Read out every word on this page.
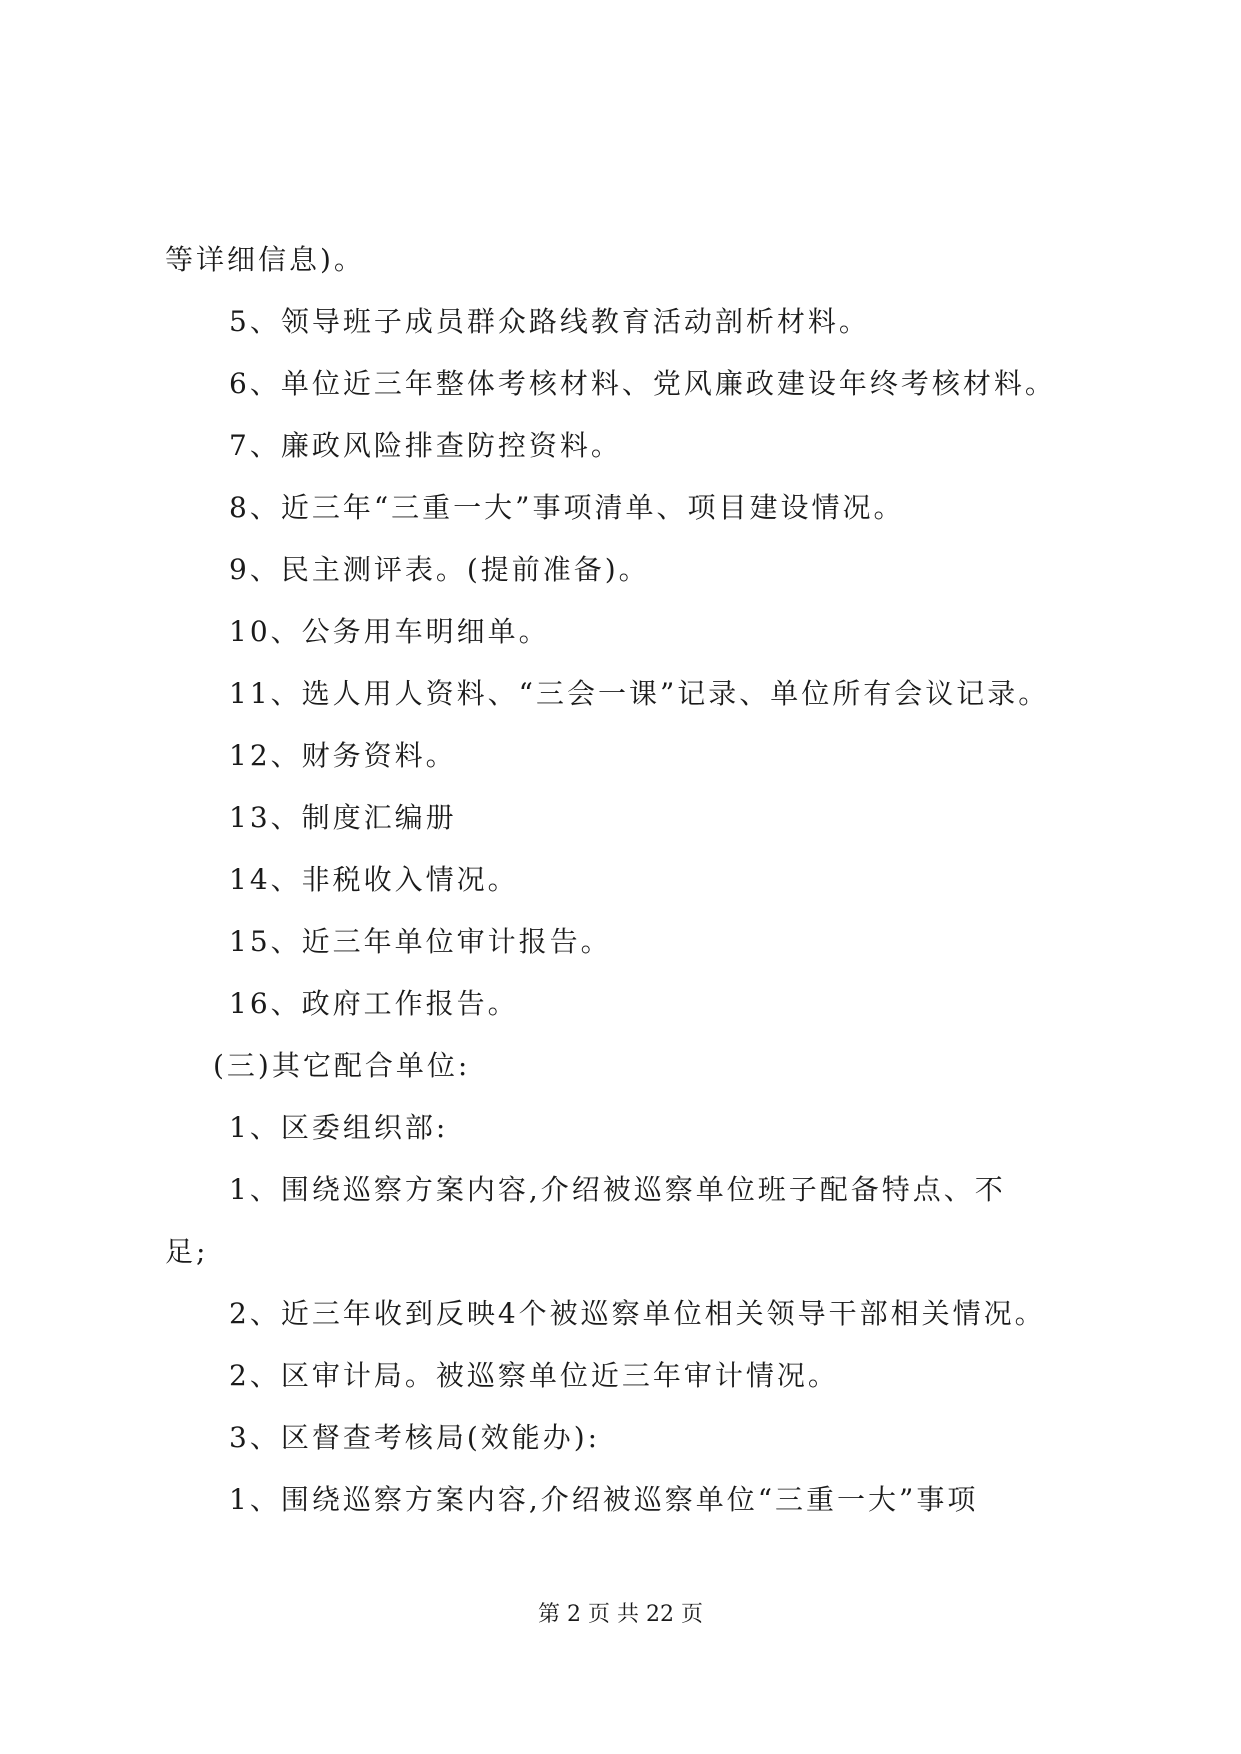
等详细信息)。
5、领导班子成员群众路线教育活动剖析材料。
6、单位近三年整体考核材料、党风廉政建设年终考核材料。
7、廉政风险排查防控资料。
8、近三年“三重一大”事项清单、项目建设情况。
9、民主测评表。(提前准备)。
10、公务用车明细单。
11、选人用人资料、“三会一课”记录、单位所有会议记录。
12、财务资料。
13、制度汇编册
14、非税收入情况。
15、近三年单位审计报告。
16、政府工作报告。
(三)其它配合单位:
1、区委组织部:
1、围绕巡察方案内容,介绍被巡察单位班子配备特点、不
足;
2、近三年收到反映4个被巡察单位相关领导干部相关情况。
2、区审计局。被巡察单位近三年审计情况。
3、区督查考核局(效能办):
1、围绕巡察方案内容,介绍被巡察单位“三重一大”事项
第 2 页 共 22 页
